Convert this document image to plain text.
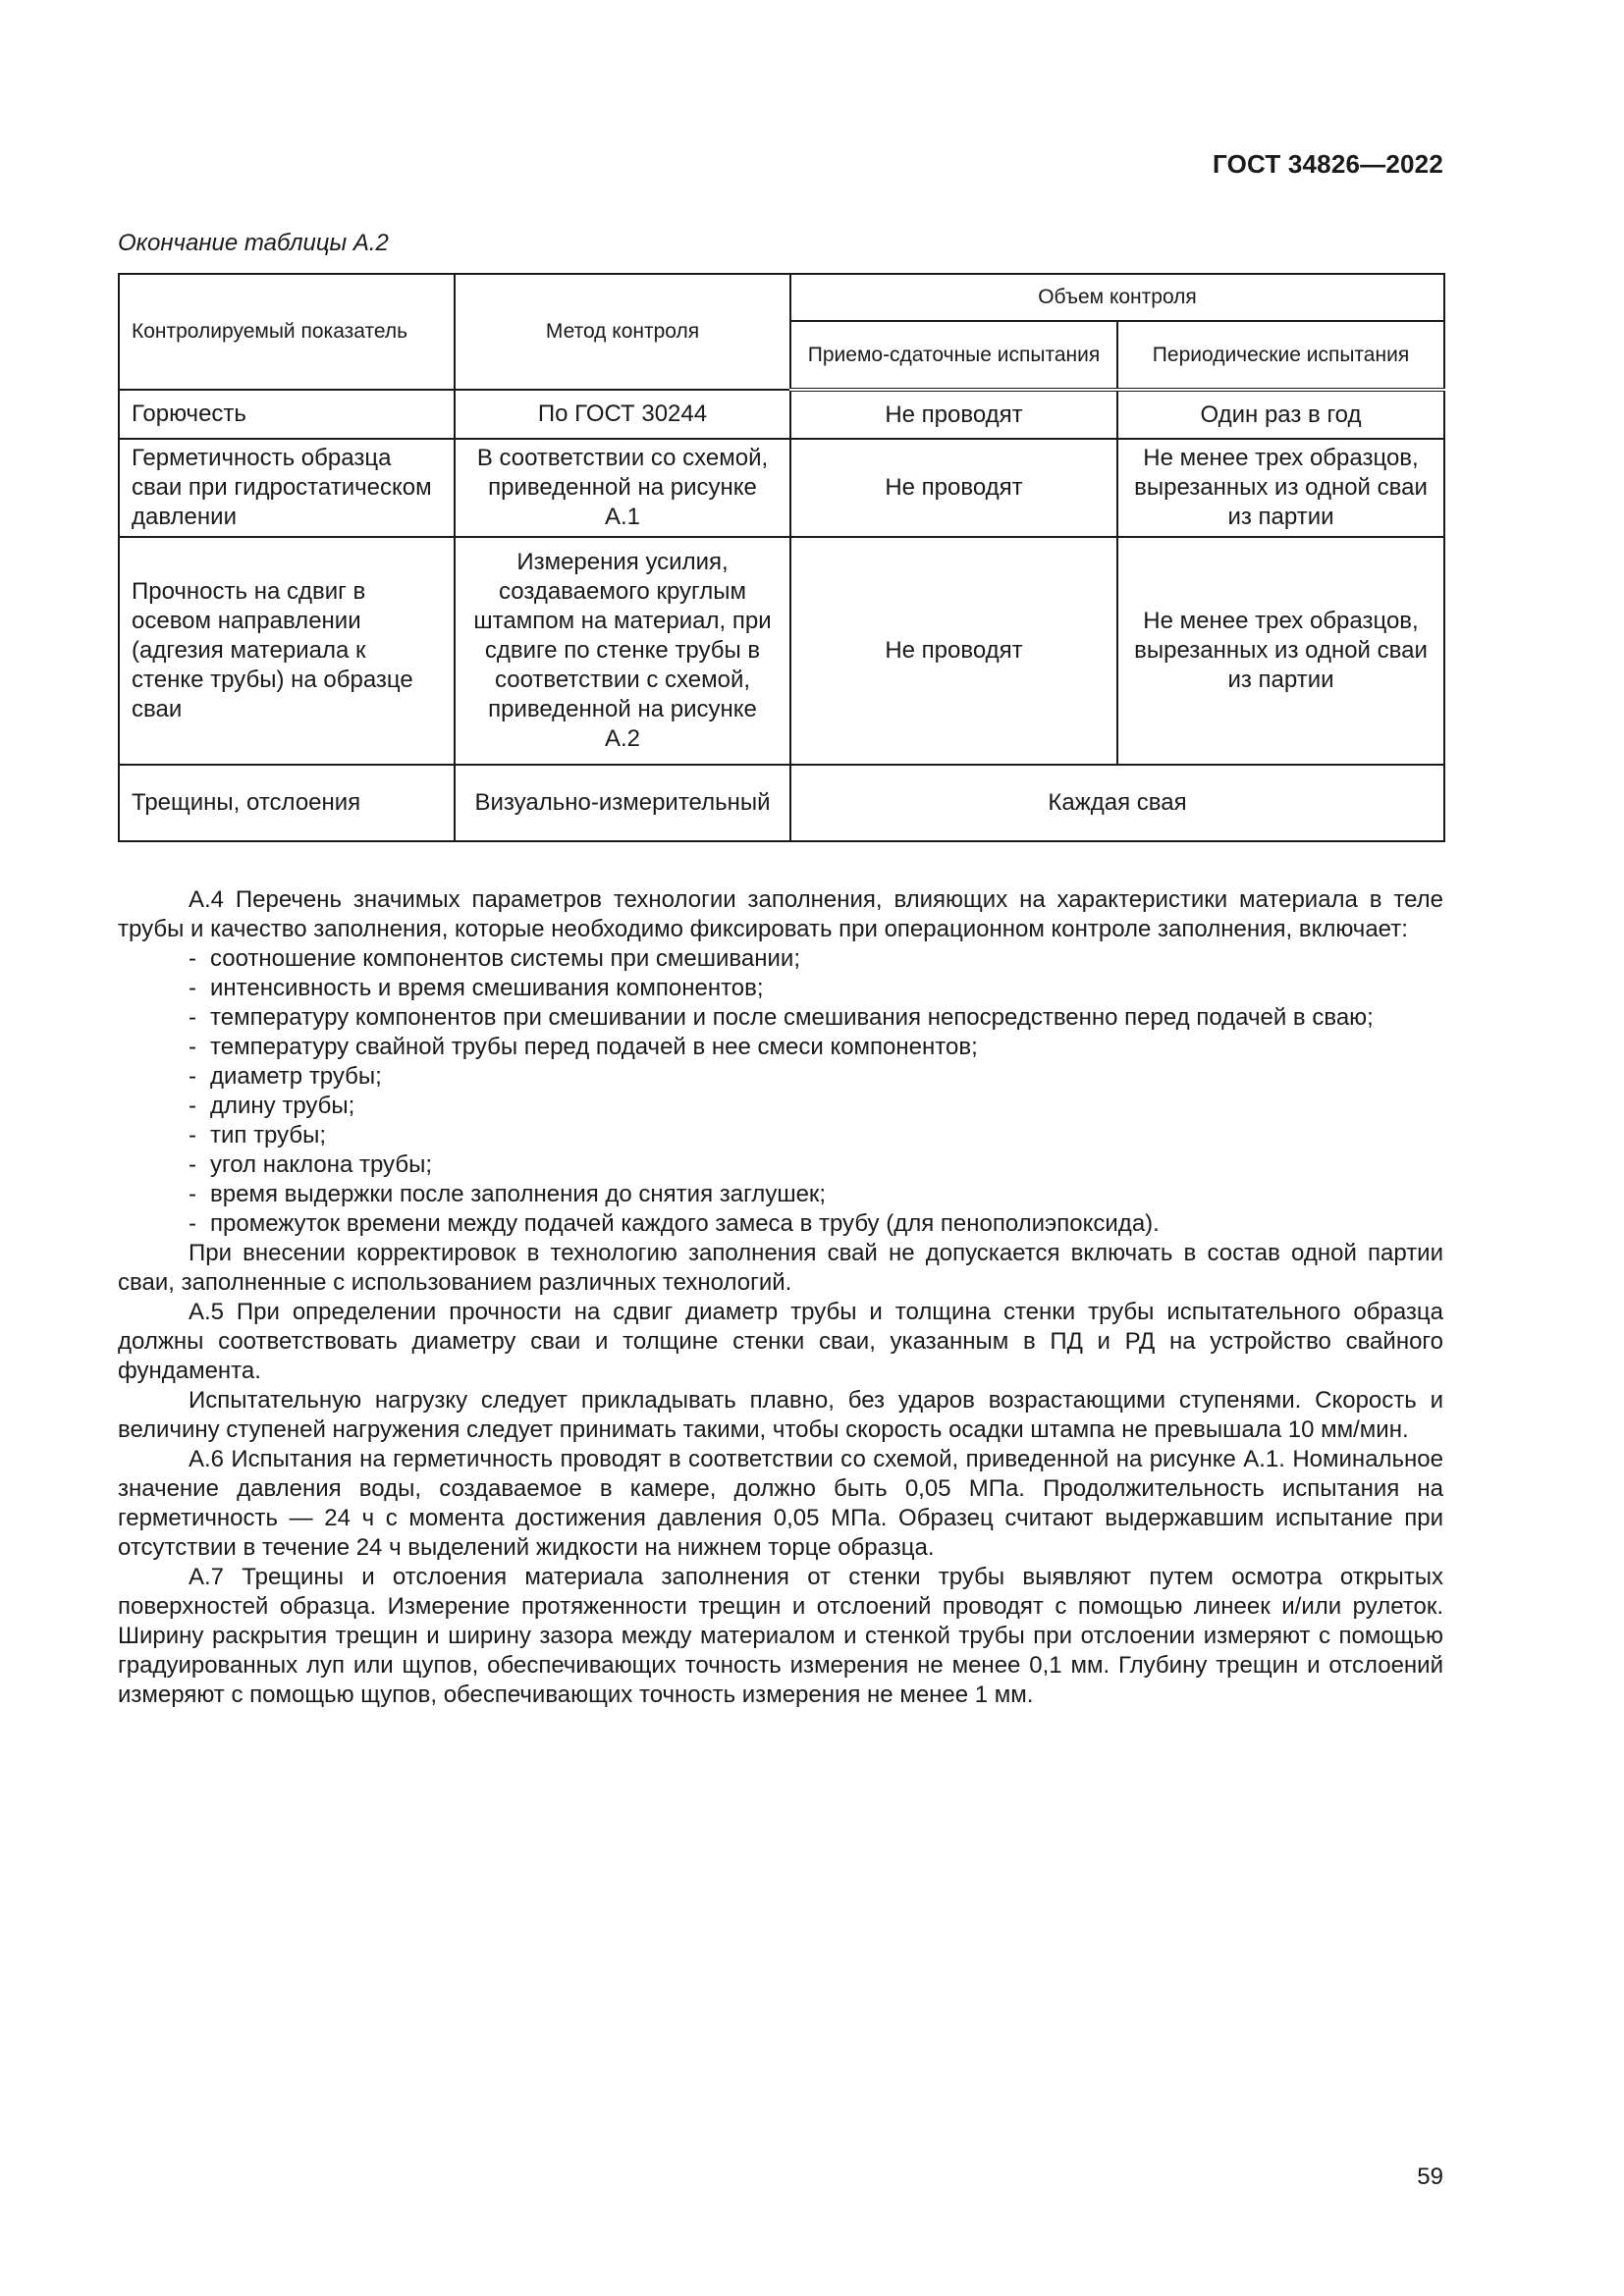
ГОСТ 34826—2022
Окончание таблицы А.2
Контролируемый показатель	Метод контроля	Объем контроля	
		Приемо-сдаточные испытания	Периодические испытания
Горючесть	По ГОСТ 30244	Не проводят	Один раз в год
Герметичность образца сваи при гидростатическом давлении	В соответствии со схемой, приведенной на рисунке А.1	Не проводят	Не менее трех образцов, вырезанных из одной сваи из партии
Прочность на сдвиг в осевом направлении (адгезия материала к стенке трубы) на образце сваи	Измерения усилия, создаваемого круглым штампом на материал, при сдвиге по стенке трубы в соответствии с схемой, приведенной на рисунке А.2	Не проводят	Не менее трех образцов, вырезанных из одной сваи из партии
Трещины, отслоения	Визуально-измерительный	Каждая свая	

А.4 Перечень значимых параметров технологии заполнения, влияющих на характеристики материала в теле трубы и качество заполнения, которые необходимо фиксировать при операционном контроле заполнения, включает:

- соотношение компонентов системы при смешивании;

- интенсивность и время смешивания компонентов;

- температуру компонентов при смешивании и после смешивания непосредственно перед подачей в сваю;

- температуру свайной трубы перед подачей в нее смеси компонентов;

- диаметр трубы;

- длину трубы;

- тип трубы;

- угол наклона трубы;

- время выдержки после заполнения до снятия заглушек;

- промежуток времени между подачей каждого замеса в трубу (для пенополиэпоксида).

При внесении корректировок в технологию заполнения свай не допускается включать в состав одной партии сваи, заполненные с использованием различных технологий.

А.5 При определении прочности на сдвиг диаметр трубы и толщина стенки трубы испытательного образца должны соответствовать диаметру сваи и толщине стенки сваи, указанным в ПД и РД на устройство свайного фундамента.

Испытательную нагрузку следует прикладывать плавно, без ударов возрастающими ступенями. Скорость и величину ступеней нагружения следует принимать такими, чтобы скорость осадки штампа не превышала 10 мм/мин.

А.6 Испытания на герметичность проводят в соответствии со схемой, приведенной на рисунке А.1. Номинальное значение давления воды, создаваемое в камере, должно быть 0,05 МПа. Продолжительность испытания на герметичность — 24 ч с момента достижения давления 0,05 МПа. Образец считают выдержавшим испытание при отсутствии в течение 24 ч выделений жидкости на нижнем торце образца.

А.7 Трещины и отслоения материала заполнения от стенки трубы выявляют путем осмотра открытых поверхностей образца. Измерение протяженности трещин и отслоений проводят с помощью линеек и/или рулеток. Ширину раскрытия трещин и ширину зазора между материалом и стенкой трубы при отслоении измеряют с помощью градуированных луп или щупов, обеспечивающих точность измерения не менее 0,1 мм. Глубину трещин и отслоений измеряют с помощью щупов, обеспечивающих точность измерения не менее 1 мм.

59
